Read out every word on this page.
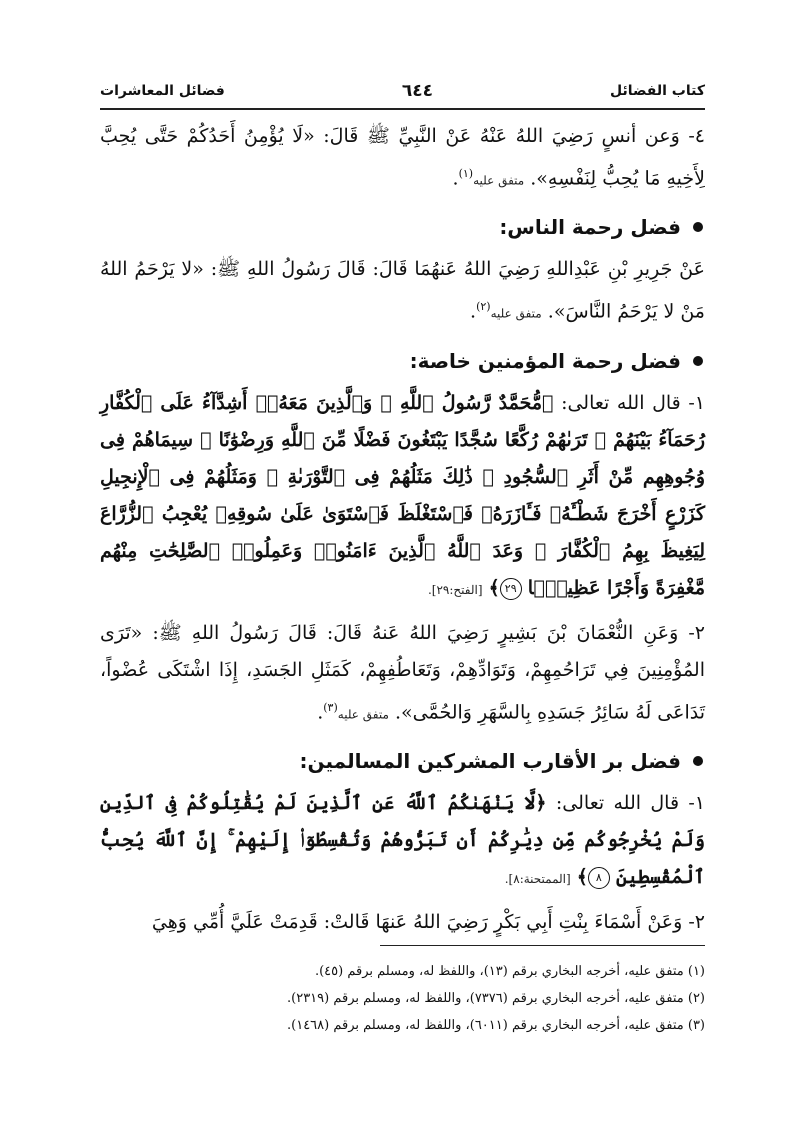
كتاب الفضائل
٦٤٤
فضائل المعاشرات

٤- وَعن أنسٍ رَضِيَ اللهُ عَنْهُ عَنْ النَّبِيِّ ﷺ قَالَ: «لَا يُؤْمِنُ أَحَدُكُمْ حَتَّى يُحِبَّ لِأَخِيهِ مَا يُحِبُّ لِنَفْسِهِ». متفق عليه$^{(١)}$.

فضل رحمة الناس:

عَنْ جَرِيرِ بْنِ عَبْدِاللهِ رَضِيَ اللهُ عَنهُمَا قَالَ: قَالَ رَسُولُ اللهِ ﷺ: «لا يَرْحَمُ اللهُ مَنْ لا يَرْحَمُ النَّاسَ». متفق عليه$^{(٢)}$.

فضل رحمة المؤمنين خاصة:

١- قال الله تعالى: ﴿مُّحَمَّدٌ رَّسُولُ ٱللَّهِ ۚ وَٱلَّذِينَ مَعَهُۥٓ أَشِدَّآءُ عَلَى ٱلْكُفَّارِ رُحَمَآءُ بَيْنَهُمْ ۖ تَرَىٰهُمْ رُكَّعًا سُجَّدًا يَبْتَغُونَ فَضْلًا مِّنَ ٱللَّهِ وَرِضْوَٰنًا ۖ سِيمَاهُمْ فِى وُجُوهِهِم مِّنْ أَثَرِ ٱلسُّجُودِ ۚ ذَٰلِكَ مَثَلُهُمْ فِى ٱلتَّوْرَىٰةِ ۚ وَمَثَلُهُمْ فِى ٱلْإِنجِيلِ كَزَرْعٍ أَخْرَجَ شَطْـَٔهُۥ فَـَٔازَرَهُۥ فَٱسْتَغْلَظَ فَٱسْتَوَىٰ عَلَىٰ سُوقِهِۦ يُعْجِبُ ٱلزُّرَّاعَ لِيَغِيظَ بِهِمُ ٱلْكُفَّارَ ۗ وَعَدَ ٱللَّهُ ٱلَّذِينَ ءَامَنُوا۟ وَعَمِلُوا۟ ٱلصَّٰلِحَٰتِ مِنْهُم مَّغْفِرَةً وَأَجْرًا عَظِيمًۢا ٢٩﴾ [الفتح:٢٩].

٢- وَعَنِ النُّعْمَانَ بْنَ بَشِيرٍ رَضِيَ اللهُ عَنهُ قَالَ: قَالَ رَسُولُ اللهِ ﷺ: «تَرَى المُؤْمِنِينَ فِي تَرَاحُمِهِمْ، وَتَوَادِّهِمْ، وَتَعَاطُفِهِمْ، كَمَثَلِ الجَسَدِ، إِذَا اشْتَكَى عُضْواً، تَدَاعَى لَهُ سَائِرُ جَسَدِهِ بِالسَّهَرِ وَالحُمَّى». متفق عليه$^{(٣)}$.

فضل بر الأقارب المشركين المسالمين:

١- قال الله تعالى: ﴿لَّا يَنْهَىٰكُمُ ٱللَّهُ عَنِ ٱلَّذِينَ لَمْ يُقَٰتِلُوكُمْ فِى ٱلدِّينِ وَلَمْ يُخْرِجُوكُم مِّن دِيَٰرِكُمْ أَن تَبَرُّوهُمْ وَتُقْسِطُوٓا۟ إِلَيْهِمْ ۚ إِنَّ ٱللَّهَ يُحِبُّ ٱلْمُقْسِطِينَ ٨﴾ [الممتحنة:٨].

٢- وَعَنْ أَسْمَاءَ بِنْتِ أَبِي بَكْرٍ رَضِيَ اللهُ عَنهَا قَالتْ: قَدِمَتْ عَلَيَّ أُمِّي وَهِيَ

(١) متفق عليه، أخرجه البخاري برقم (١٣)، واللفظ له، ومسلم برقم (٤٥).
(٢) متفق عليه، أخرجه البخاري برقم (٧٣٧٦)، واللفظ له، ومسلم برقم (٢٣١٩).
(٣) متفق عليه، أخرجه البخاري برقم (٦٠١١)، واللفظ له، ومسلم برقم (١٤٦٨).
